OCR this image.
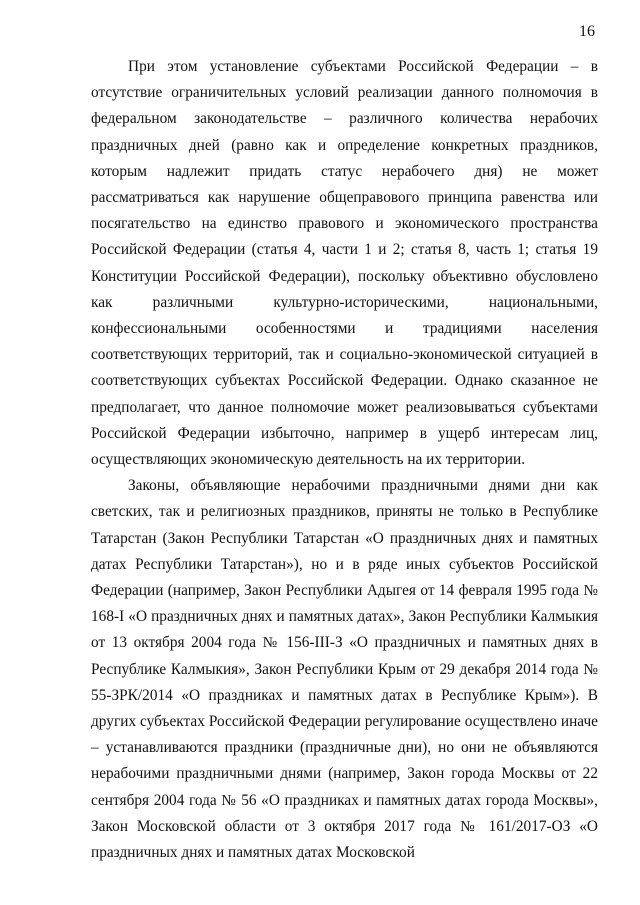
16

При этом установление субъектами Российской Федерации – в отсутствие ограничительных условий реализации данного полномочия в федеральном законодательстве – различного количества нерабочих праздничных дней (равно как и определение конкретных праздников, которым надлежит придать статус нерабочего дня) не может рассматриваться как нарушение общеправового принципа равенства или посягательство на единство правового и экономического пространства Российской Федерации (статья 4, части 1 и 2; статья 8, часть 1; статья 19 Конституции Российской Федерации), поскольку объективно обусловлено как различными культурно-историческими, национальными, конфессиональными особенностями и традициями населения соответствующих территорий, так и социально-экономической ситуацией в соответствующих субъектах Российской Федерации. Однако сказанное не предполагает, что данное полномочие может реализовываться субъектами Российской Федерации избыточно, например в ущерб интересам лиц, осуществляющих экономическую деятельность на их территории.

Законы, объявляющие нерабочими праздничными днями дни как светских, так и религиозных праздников, приняты не только в Республике Татарстан (Закон Республики Татарстан «О праздничных днях и памятных датах Республики Татарстан»), но и в ряде иных субъектов Российской Федерации (например, Закон Республики Адыгея от 14 февраля 1995 года № 168-I «О праздничных днях и памятных датах», Закон Республики Калмыкия от 13 октября 2004 года № 156-III-З «О праздничных и памятных днях в Республике Калмыкия», Закон Республики Крым от 29 декабря 2014 года № 55-ЗРК/2014 «О праздниках и памятных датах в Республике Крым»). В других субъектах Российской Федерации регулирование осуществлено иначе – устанавливаются праздники (праздничные дни), но они не объявляются нерабочими праздничными днями (например, Закон города Москвы от 22 сентября 2004 года № 56 «О праздниках и памятных датах города Москвы», Закон Московской области от 3 октября 2017 года № 161/2017-ОЗ «О праздничных днях и памятных датах Московской
